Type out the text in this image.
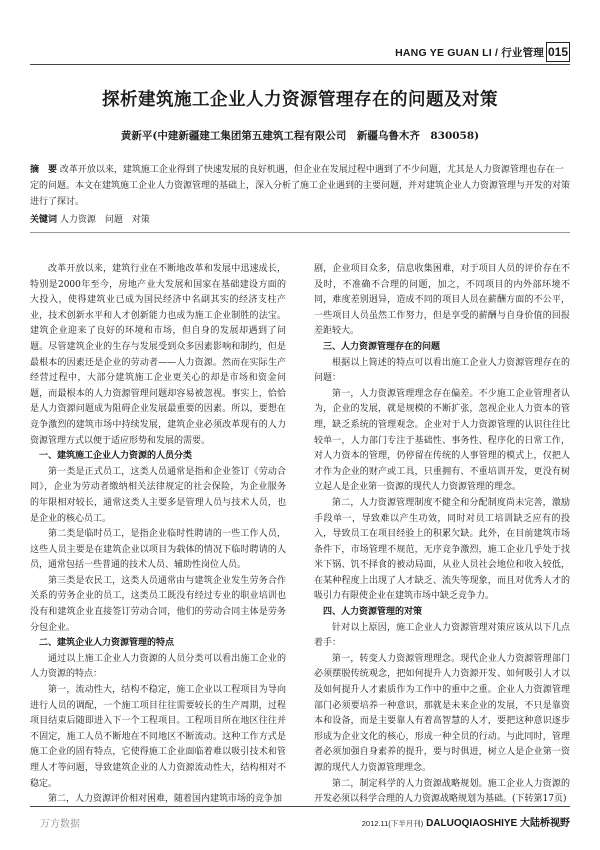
HANG YE GUAN LI / 行业管理 015
探析建筑施工企业人力资源管理存在的问题及对策
黄新平(中建新疆建工集团第五建筑工程有限公司　新疆乌鲁木齐　830058)
摘　要 改革开放以来，建筑施工企业得到了快速发展的良好机遇，但企业在发展过程中遇到了不少问题，尤其是人力资源管理也存在一定的问题。本文在建筑施工企业人力资源管理的基础上，深入分析了施工企业遇到的主要问题，并对建筑企业人力资源管理与开发的对策进行了探讨。
关键词 人力资源　问题　对策

改革开放以来，建筑行业在不断地改革和发展中迅速成长，特别是2000年至今，房地产业大发展和国家在基础建设方面的大投入，使得建筑业已成为国民经济中名副其实的经济支柱产业，技术创新水平和人才创新能力也成为施工企业制胜的法宝。建筑企业迎来了良好的环境和市场，但自身的发展却遇到了问题。尽管建筑企业的生存与发展受到众多因素影响和制约，但是最根本的因素还是企业的劳动者——人力资源。然而在实际生产经营过程中，大部分建筑施工企业更关心的却是市场和资金问题，而最根本的人力资源管理问题却容易被忽视。事实上，恰恰是人力资源问题成为阻碍企业发展最重要的因素。所以，要想在竞争激烈的建筑市场中持续发展，建筑企业必须改革现有的人力资源管理方式以便于适应形势和发展的需要。

一、建筑施工企业人力资源的人员分类

第一类是正式员工，这类人员通常是指和企业签订《劳动合同》，企业为劳动者缴纳相关法律规定的社会保险，为企业服务的年限相对较长，通常这类人主要多是管理人员与技术人员，也是企业的核心员工。

第二类是临时员工，是指企业临时性聘请的一些工作人员，这些人员主要是在建筑企业以项目为载体的情况下临时聘请的人员，通常包括一些普通的技术人员、辅助性岗位人员。

第三类是农民工，这类人员通常由与建筑企业发生劳务合作关系的劳务企业的员工，这类员工既没有经过专业的职业培训也没有和建筑企业直接签订劳动合同，他们的劳动合同主体是劳务分包企业。

二、建筑企业人力资源管理的特点

通过以上施工企业人力资源的人员分类可以看出施工企业的人力资源的特点：

第一，流动性大，结构不稳定，施工企业以工程项目为导向进行人员的调配，一个施工项目往往需要较长的生产周期，过程项目结束后随即进入下一个工程项目。工程项目所在地区往往并不固定，施工人员不断地在不同地区不断流动。这种工作方式是施工企业的固有特点，它使得施工企业面临着难以吸引技术和管理人才等问题，导致建筑企业的人力资源流动性大，结构相对不稳定。

第二，人力资源评价相对困难，随着国内建筑市场的竞争加

剧，企业项目众多，信息收集困难，对于项目人员的评价存在不及时，不准确不合理的问题，加之，不同项目的内外部环境不同，难度差别迥异，造成不同的项目人员在薪酬方面的不公平，一些项目人员虽然工作努力，但是享受的薪酬与自身价值的回报差距较大。

三、人力资源管理存在的问题

根据以上简述的特点可以看出施工企业人力资源管理存在的问题：

第一，人力资源管理理念存在偏差。不少施工企业管理者认为，企业的发展，就是规模的不断扩张，忽视企业人力资本的管理，缺乏系统的管理观念。企业对于人力资源管理的认识往往比较单一，人力部门专注于基础性、事务性、程序化的日常工作，对人力资本的管理，仍停留在传统的人事管理的模式上，仅把人才作为企业的财产或工具，只重拥有、不重培训开发，更没有树立起人是企业第一资源的现代人力资源管理的理念。

第二，人力资源管理制度不健全和分配制度尚未完善，激励手段单一，导致难以产生功效，同时对员工培训缺乏应有的投入，导致员工在项目经验上的积累欠缺。此外，在目前建筑市场条件下，市场管理不规范，无序竞争激烈，施工企业几乎处于找米下锅、饥不择食的被动局面，从业人员社会地位和收入较低，在某种程度上出现了人才缺乏、流失等现象，而且对优秀人才的吸引力有限使企业在建筑市场中缺乏竞争力。

四、人力资源管理的对策

针对以上原因，施工企业人力资源管理对策应该从以下几点着手：

第一，转变人力资源管理理念。现代企业人力资源管理部门必须摆脱传统观念，把如何提升人力资源开发、如何吸引人才以及如何提升人才素质作为工作中的重中之重。企业人力资源管理部门必须要培养一种意识，那就是未来企业的发展，不只是靠资本和设备，而是主要靠人有着高智慧的人才，要把这种意识逐步形成为企业文化的核心，形成一种全员的行动。与此同时，管理者必须加强自身素养的提升，要与时俱进，树立人是企业第一资源的现代人力资源管理理念。

第二，制定科学的人力资源战略规划。施工企业人力资源的开发必须以科学合理的人力资源战略规划为基础。(下转第17页)

万方数据	2012.11(下半月刊) DALUOQIAOSHIYE 大陆桥视野
